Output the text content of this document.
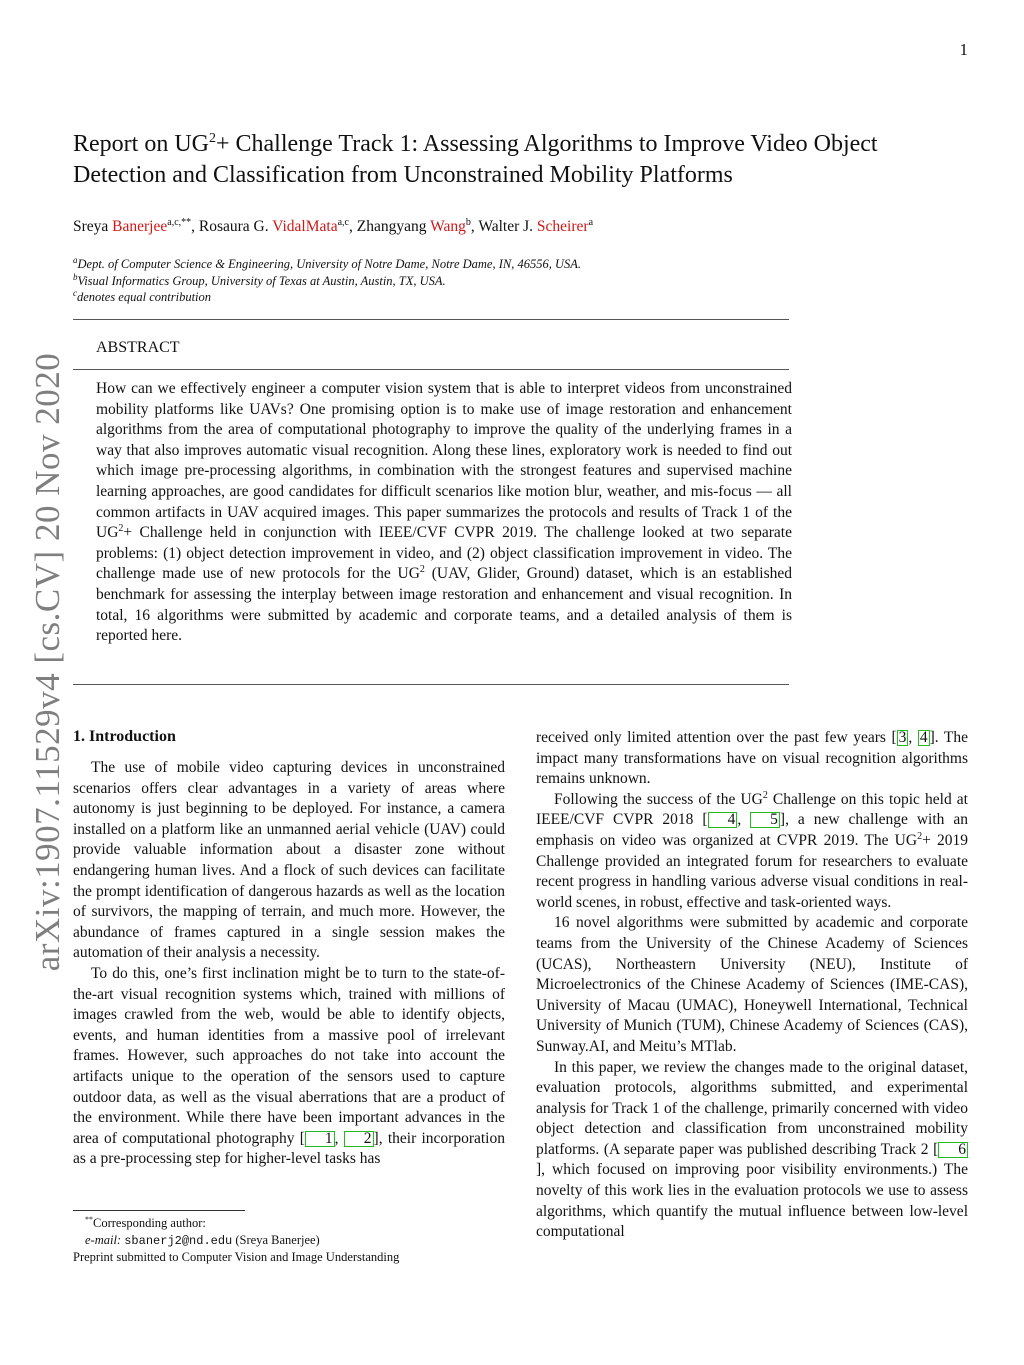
1
arXiv:1907.11529v4 [cs.CV] 20 Nov 2020
Report on $UG^2+$ Challenge Track 1: Assessing Algorithms to Improve Video Object Detection and Classification from Unconstrained Mobility Platforms
Sreya Banerjee$^{a,c,**}$, Rosaura G. VidalMata$^{a,c}$, Zhangyang Wang$^b$, Walter J. Scheirer$^a$
$^a$Dept. of Computer Science & Engineering, University of Notre Dame, Notre Dame, IN, 46556, USA.
$^b$Visual Informatics Group, University of Texas at Austin, Austin, TX, USA.
$^c$denotes equal contribution
ABSTRACT
How can we effectively engineer a computer vision system that is able to interpret videos from unconstrained mobility platforms like UAVs? One promising option is to make use of image restoration and enhancement algorithms from the area of computational photography to improve the quality of the underlying frames in a way that also improves automatic visual recognition. Along these lines, exploratory work is needed to find out which image pre-processing algorithms, in combination with the strongest features and supervised machine learning approaches, are good candidates for difficult scenarios like motion blur, weather, and mis-focus — all common artifacts in UAV acquired images. This paper summarizes the protocols and results of Track 1 of the $UG^2+$ Challenge held in conjunction with IEEE/CVF CVPR 2019. The challenge looked at two separate problems: (1) object detection improvement in video, and (2) object classification improvement in video. The challenge made use of new protocols for the $UG^2$ (UAV, Glider, Ground) dataset, which is an established benchmark for assessing the interplay between image restoration and enhancement and visual recognition. In total, 16 algorithms were submitted by academic and corporate teams, and a detailed analysis of them is reported here.
1. Introduction

The use of mobile video capturing devices in unconstrained scenarios offers clear advantages in a variety of areas where autonomy is just beginning to be deployed. For instance, a camera installed on a platform like an unmanned aerial vehicle (UAV) could provide valuable information about a disaster zone without endangering human lives. And a flock of such devices can facilitate the prompt identification of dangerous hazards as well as the location of survivors, the mapping of terrain, and much more. However, the abundance of frames captured in a single session makes the automation of their analysis a necessity.

To do this, one’s first inclination might be to turn to the state-of-the-art visual recognition systems which, trained with millions of images crawled from the web, would be able to identify objects, events, and human identities from a massive pool of irrelevant frames. However, such approaches do not take into account the artifacts unique to the operation of the sensors used to capture outdoor data, as well as the visual aberrations that are a product of the environment. While there have been important advances in the area of computational photography [ 1 , 2 ], their incorporation as a pre-processing step for higher-level tasks has

received only limited attention over the past few years [ 3 , 4 ]. The impact many transformations have on visual recognition algorithms remains unknown.

Following the success of the $UG^2$ Challenge on this topic held at IEEE/CVF CVPR 2018 [ 4 , 5 ], a new challenge with an emphasis on video was organized at CVPR 2019. The $UG^2+ 2019$ Challenge provided an integrated forum for researchers to evaluate recent progress in handling various adverse visual conditions in real-world scenes, in robust, effective and task-oriented ways.

16 novel algorithms were submitted by academic and corporate teams from the University of the Chinese Academy of Sciences (UCAS), Northeastern University (NEU), Institute of Microelectronics of the Chinese Academy of Sciences (IME-CAS), University of Macau (UMAC), Honeywell International, Technical University of Munich (TUM), Chinese Academy of Sciences (CAS), Sunway.AI, and Meitu’s MTlab.

In this paper, we review the changes made to the original dataset, evaluation protocols, algorithms submitted, and experimental analysis for Track 1 of the challenge, primarily concerned with video object detection and classification from unconstrained mobility platforms. (A separate paper was published describing Track 2 [ 6], which focused on improving poor visibility environments.) The novelty of this work lies in the evaluation protocols we use to assess algorithms, which quantify the mutual influence between low-level computational

**Corresponding author:
e-mail: sbanerj2@nd.edu (Sreya Banerjee)
Preprint submitted to Computer Vision and Image Understanding
